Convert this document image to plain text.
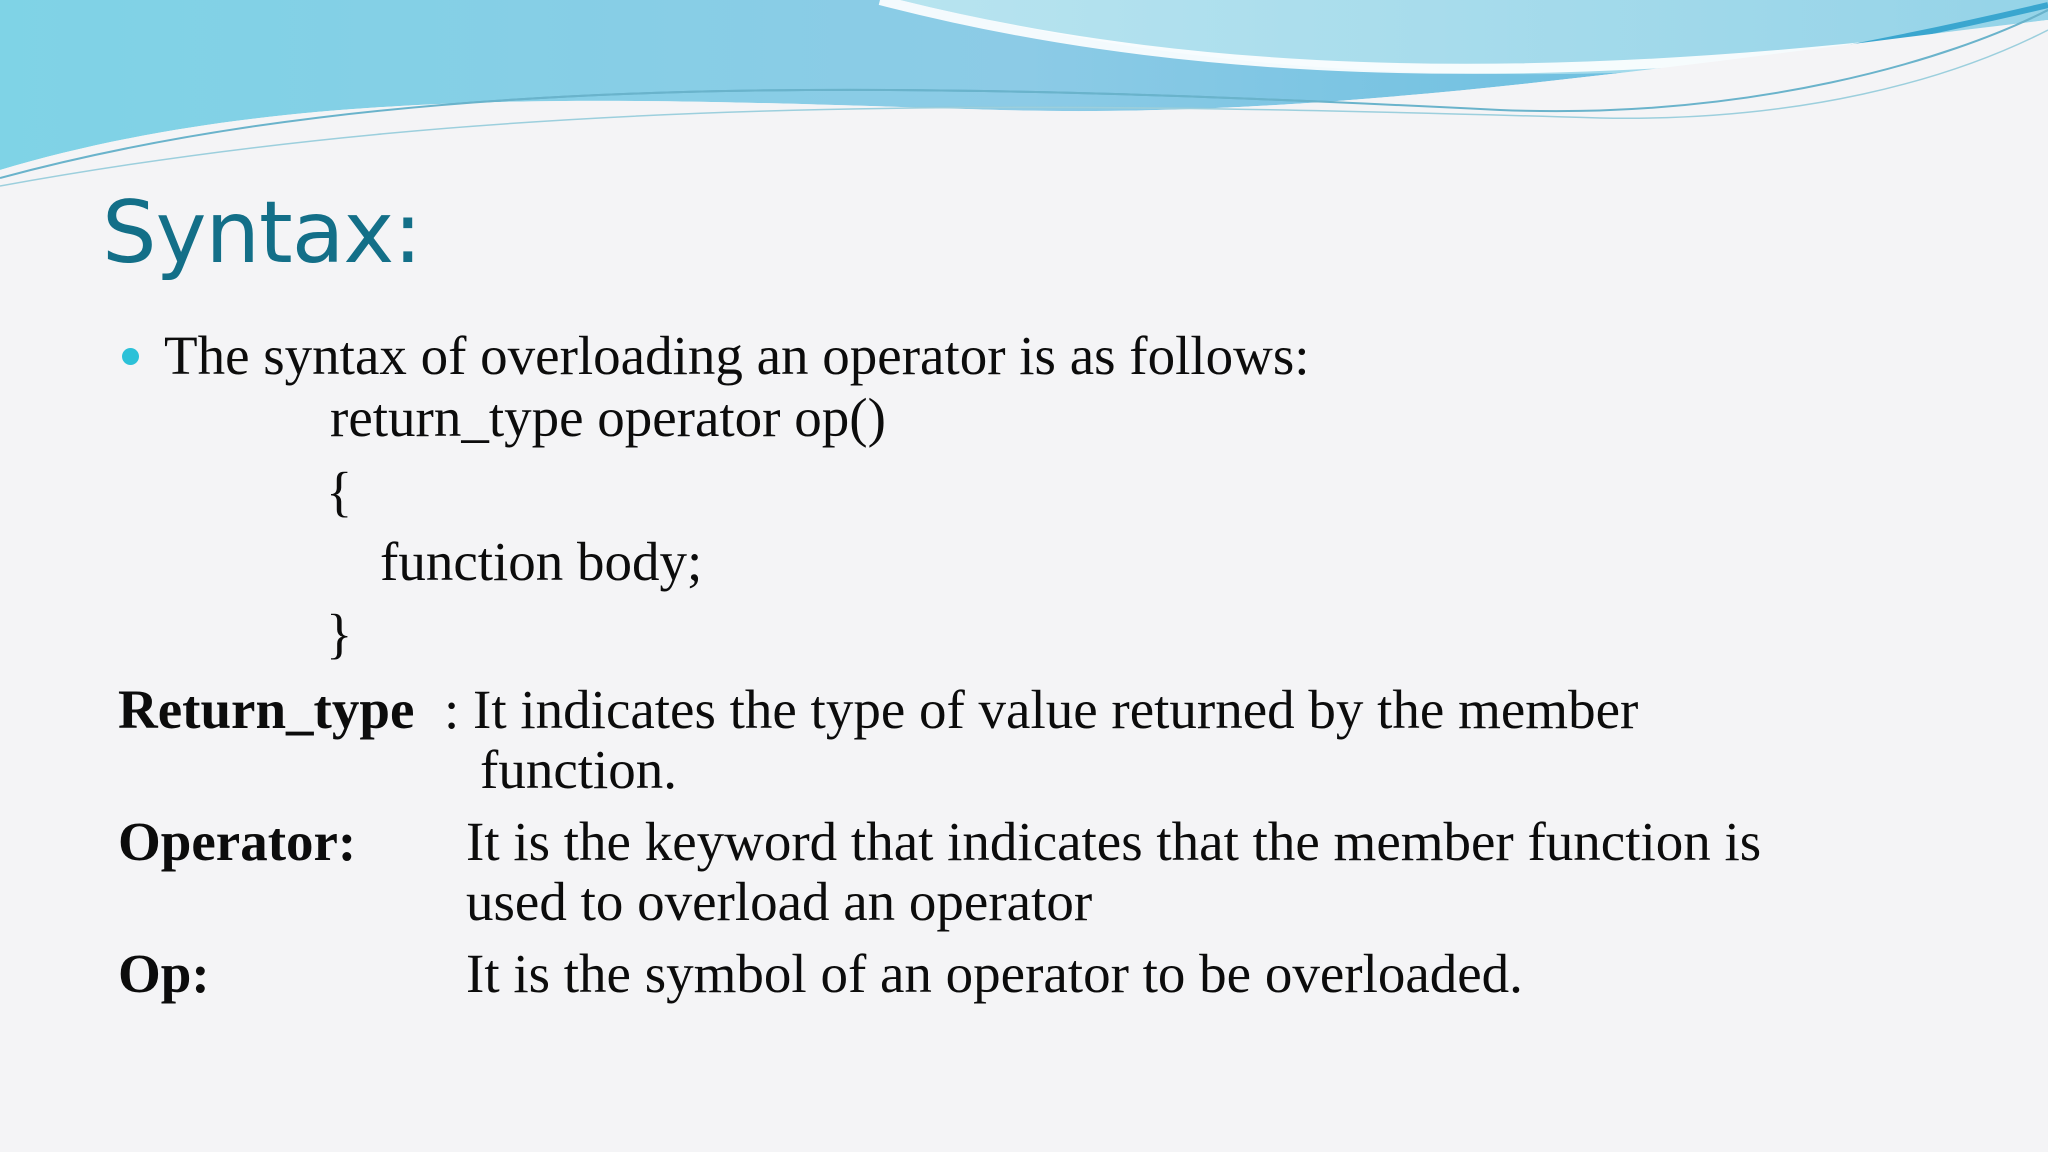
Syntax:
The syntax of overloading an operator is as follows:
return_type operator op()
{
function body;
}
Return_type : It indicates the type of value returned by the member
function.
Operator: It is the keyword that indicates that the member function is
used to overload an operator
Op:	It is the symbol of an operator to be overloaded.
